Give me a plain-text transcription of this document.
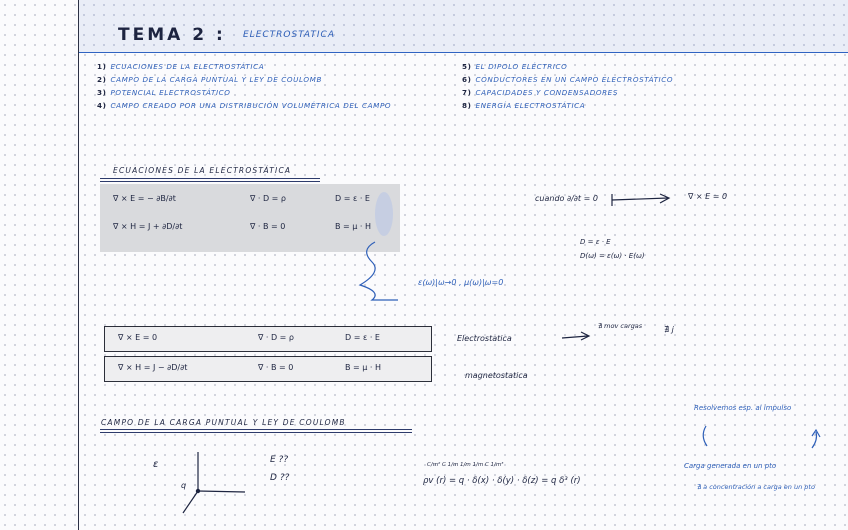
TEMA 2 : ELECTROSTATICA
1) ECUACIONES DE LA ELECTROSTÁTICA
2) CAMPO DE LA CARGA PUNTUAL Y LEY DE COULOMB
3) POTENCIAL ELECTROSTÁTICO
4) CAMPO CREADO POR UNA DISTRIBUCIÓN VOLUMÉTRICA DEL CAMPO
5) EL DIPOLO ELÉCTRICO
6) CONDUCTORES EN UN CAMPO ELECTROSTÁTICO
7) CAPACIDADES Y CONDENSADORES
8) ENERGÍA ELECTROSTÁTICA
ECUACIONES DE LA ELECTROSTÁTICA
∇ × E = − ∂B/∂t	∇ · D = ρ	D = ε · E
∇ × H = J + ∂D/∂t	∇ · B = 0	B = μ · H
cuando ∂/∂t = 0	∇ × E = 0
D = ε · E
D(ω) = ε(ω) · E(ω)
ε(ω)|ω→0 , μ(ω)|ω=0
∇ × E = 0	∇ · D = ρ	D = ε · E
∇ × H = J − ∂D/∂t	∇ · B = 0	B = μ · H
Electrostatica
∄ mov cargas	∄ j
magnetostatica
CAMPO DE LA CARGA PUNTUAL Y LEY DE COULOMB
ε
q
E ??
D ??
C/m² C 1/m 1/m 1/m C 1/m³
ρv (r) = q · δ(x) · δ(y) · δ(z) = q δ³ (r)
Resolvemos esp. al impulso
Carga generada en un pto
∄ a concentración a carga en un pto
